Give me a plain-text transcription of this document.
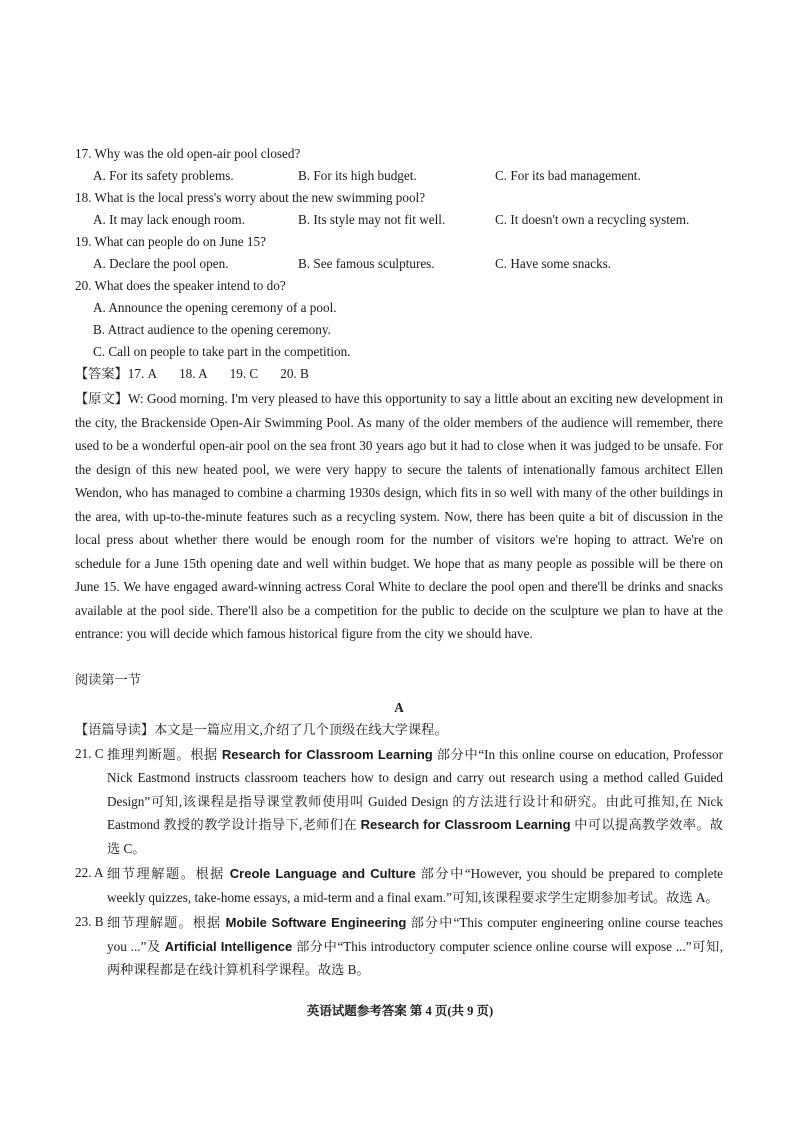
17. Why was the old open-air pool closed?

A. For its safety problems.	B. For its high budget.	C. For its bad management.

18. What is the local press's worry about the new swimming pool?

A. It may lack enough room.	B. Its style may not fit well.	C. It doesn't own a recycling system.

19. What can people do on June 15?

A. Declare the pool open.	B. See famous sculptures.	C. Have some snacks.

20. What does the speaker intend to do?

A. Announce the opening ceremony of a pool.

B. Attract audience to the opening ceremony.

C. Call on people to take part in the competition.

【答案】17. A 18. A 19. C 20. B

【原文】W: Good morning. I'm very pleased to have this opportunity to say a little about an exciting new development in the city, the Brackenside Open-Air Swimming Pool. As many of the older members of the audience will remember, there used to be a wonderful open-air pool on the sea front 30 years ago but it had to close when it was judged to be unsafe. For the design of this new heated pool, we were very happy to secure the talents of intenationally famous architect Ellen Wendon, who has managed to combine a charming 1930s design, which fits in so well with many of the other buildings in the area, with up-to-the-minute features such as a recycling system. Now, there has been quite a bit of discussion in the local press about whether there would be enough room for the number of visitors we're hoping to attract. We're on schedule for a June 15th opening date and well within budget. We hope that as many people as possible will be there on June 15. We have engaged award-winning actress Coral White to declare the pool open and there'll be drinks and snacks available at the pool side. There'll also be a competition for the public to decide on the sculpture we plan to have at the entrance: you will decide which famous historical figure from the city we should have.

阅读第一节
A

【语篇导读】本文是一篇应用文,介绍了几个顶级在线大学课程。

21. C 推理判断题。根据 Research for Classroom Learning 部分中“In this online course on education, Professor Nick Eastmond instructs classroom teachers how to design and carry out research using a method called Guided Design”可知,该课程是指导课堂教师使用叫 Guided Design 的方法进行设计和研究。由此可推知,在 Nick Eastmond 教授的教学设计指导下,老师们在 Research for Classroom Learning 中可以提高教学效率。故选 C。
22. A 细节理解题。根据 Creole Language and Culture 部分中“However, you should be prepared to complete weekly quizzes, take-home essays, a mid-term and a final exam.”可知,该课程要求学生定期参加考试。故选 A。
23. B 细节理解题。根据 Mobile Software Engineering 部分中“This computer engineering online course teaches you ...”及 Artificial Intelligence 部分中“This introductory computer science online course will expose ...”可知,两种课程都是在线计算机科学课程。故选 B。
英语试题参考答案 第 4 页(共 9 页)
